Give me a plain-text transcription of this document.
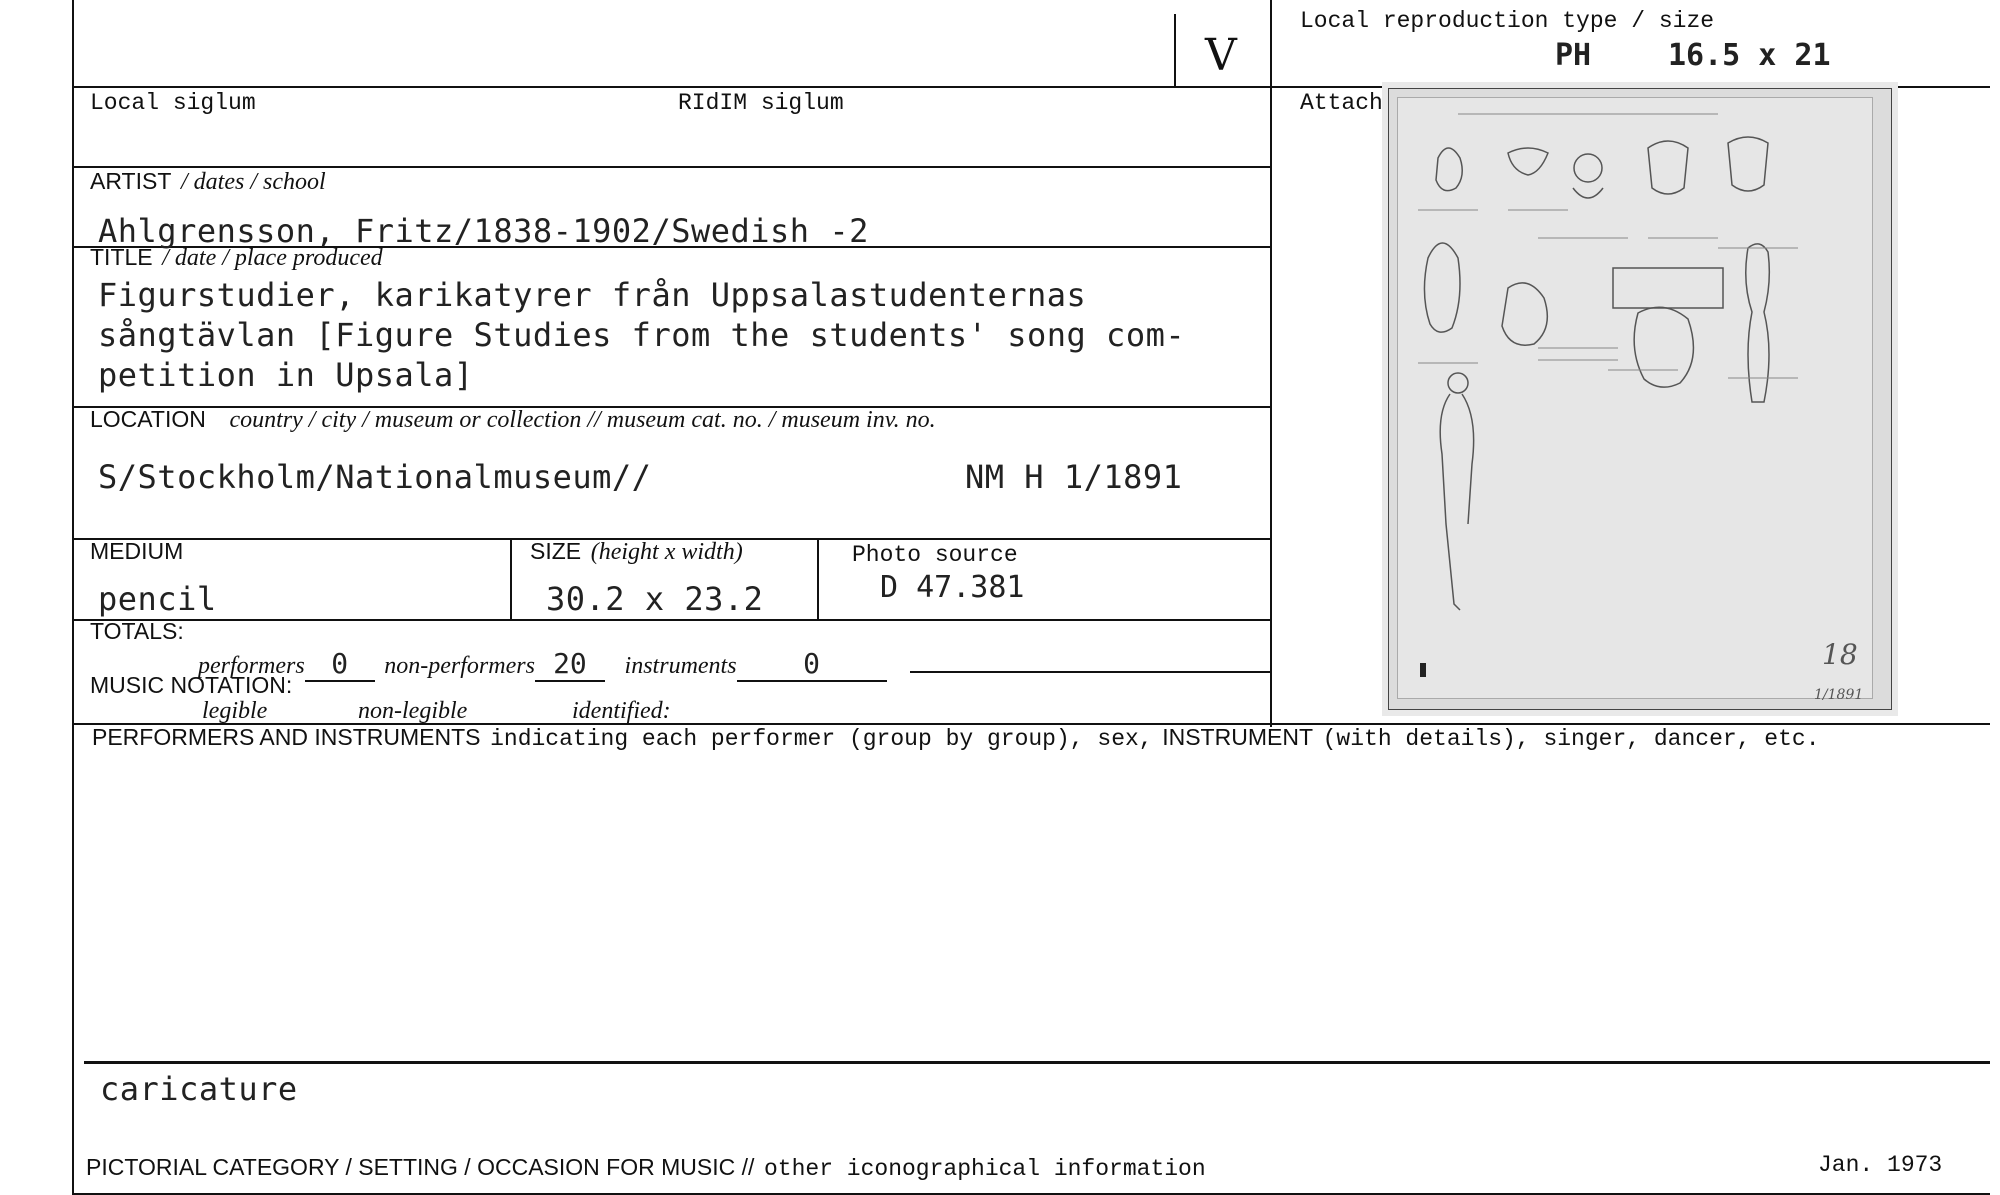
V
Local reproduction type / size
PH	16.5 x 21
Local siglum	RIdIM siglum	Attach
ARTIST / dates / school
Ahlgrensson, Fritz/1838-1902/Swedish -2
TITLE / date / place produced
Figurstudier, karikatyrer från Uppsalastudenternas
sångtävlan [Figure Studies from the students' song com-
petition in Upsala]
LOCATION country / city / museum or collection // museum cat. no. / museum inv. no.
S/Stockholm/Nationalmuseum//	NM H 1/1891
MEDIUM
pencil
SIZE (height x width)
30.2 x 23.2
Photo source
D 47.381
TOTALS:
performers 0 non-performers 20 instruments 0
MUSIC NOTATION:
legible	non-legible	identified:
PERFORMERS AND INSTRUMENTS indicating each performer (group by group), sex, INSTRUMENT (with details), singer, dancer, etc.
caricature
PICTORIAL CATEGORY / SETTING / OCCASION FOR MUSIC // other iconographical information	Jan. 1973
18
1/1891
